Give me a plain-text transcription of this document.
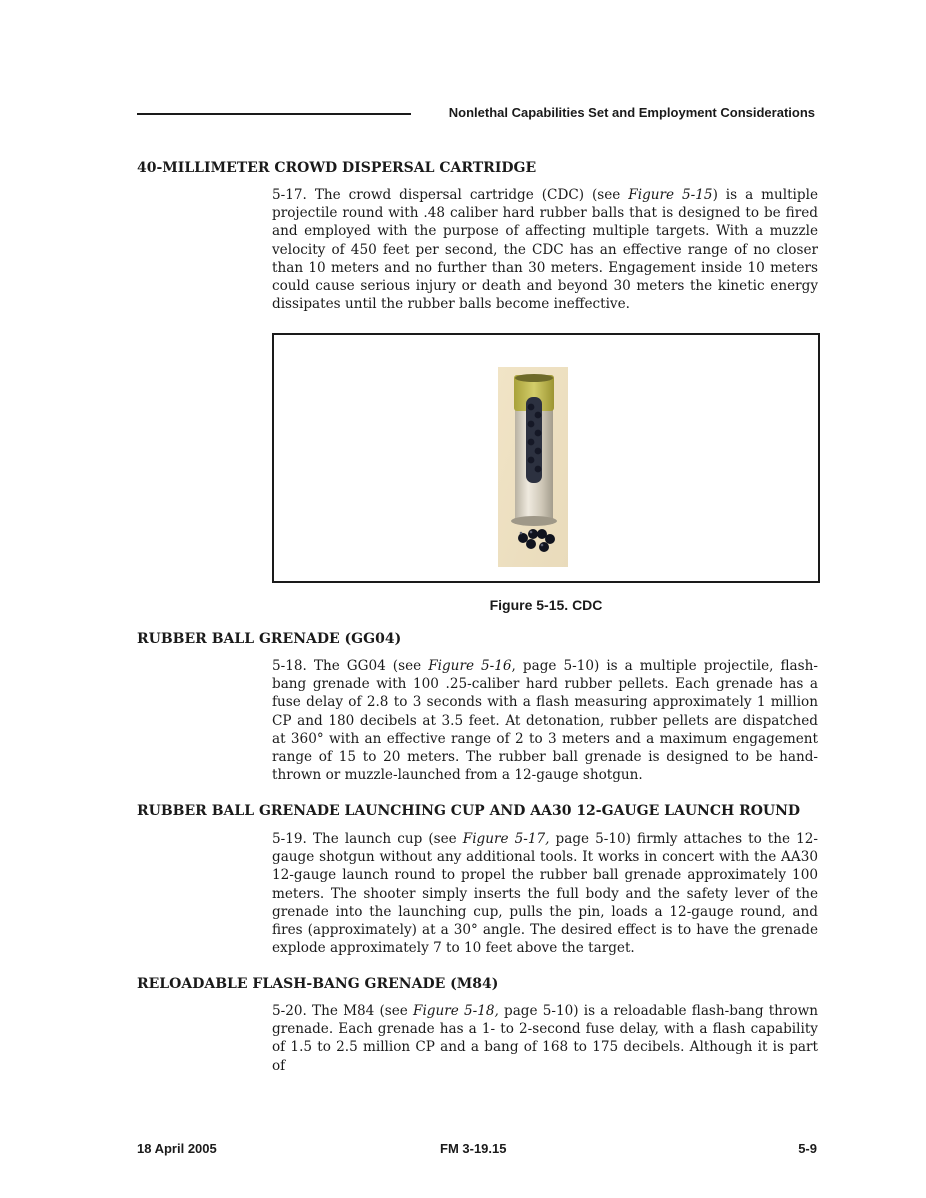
Nonlethal Capabilities Set and Employment Considerations
40-MILLIMETER CROWD DISPERSAL CARTRIDGE
5-17. The crowd dispersal cartridge (CDC) (see Figure 5-15) is a multiple projectile round with .48 caliber hard rubber balls that is designed to be fired and employed with the purpose of affecting multiple targets. With a muzzle velocity of 450 feet per second, the CDC has an effective range of no closer than 10 meters and no further than 30 meters. Engagement inside 10 meters could cause serious injury or death and beyond 30 meters the kinetic energy dissipates until the rubber balls become ineffective.
Figure 5-15. CDC
RUBBER BALL GRENADE (GG04)
5-18. The GG04 (see Figure 5-16, page 5-10) is a multiple projectile, flash-bang grenade with 100 .25-caliber hard rubber pellets. Each grenade has a fuse delay of 2.8 to 3 seconds with a flash measuring approximately 1 million CP and 180 decibels at 3.5 feet. At detonation, rubber pellets are dispatched at 360° with an effective range of 2 to 3 meters and a maximum engagement range of 15 to 20 meters. The rubber ball grenade is designed to be hand-thrown or muzzle-launched from a 12-gauge shotgun.
RUBBER BALL GRENADE LAUNCHING CUP AND AA30 12-GAUGE LAUNCH ROUND
5-19. The launch cup (see Figure 5-17, page 5-10) firmly attaches to the 12-gauge shotgun without any additional tools. It works in concert with the AA30 12-gauge launch round to propel the rubber ball grenade approximately 100 meters. The shooter simply inserts the full body and the safety lever of the grenade into the launching cup, pulls the pin, loads a 12-gauge round, and fires (approximately) at a 30° angle. The desired effect is to have the grenade explode approximately 7 to 10 feet above the target.
RELOADABLE FLASH-BANG GRENADE (M84)
5-20. The M84 (see Figure 5-18, page 5-10) is a reloadable flash-bang thrown grenade. Each grenade has a 1- to 2-second fuse delay, with a flash capability of 1.5 to 2.5 million CP and a bang of 168 to 175 decibels. Although it is part of
18 April 2005	FM 3-19.15	5-9
